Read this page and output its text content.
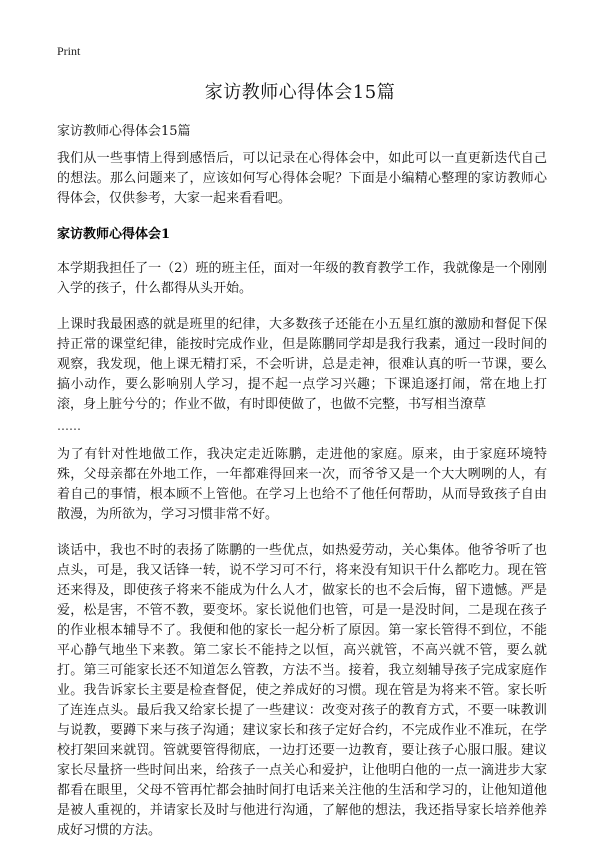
Print
家访教师心得体会15篇
家访教师心得体会15篇

我们从一些事情上得到感悟后，可以记录在心得体会中，如此可以一直更新迭代自己的想法。那么问题来了，应该如何写心得体会呢？下面是小编精心整理的家访教师心得体会，仅供参考，大家一起来看看吧。

家访教师心得体会1

本学期我担任了一（2）班的班主任，面对一年级的教育教学工作，我就像是一个刚刚入学的孩子，什么都得从头开始。

上课时我最困惑的就是班里的纪律，大多数孩子还能在小五星红旗的激励和督促下保持正常的课堂纪律，能按时完成作业，但是陈鹏同学却是我行我素，通过一段时间的观察，我发现，他上课无精打采，不会听讲，总是走神，很难认真的听一节课，要么搞小动作，要么影响别人学习，提不起一点学习兴趣；下课追逐打闹，常在地上打滚，身上脏兮兮的；作业不做，有时即使做了，也做不完整，书写相当潦草

……

为了有针对性地做工作，我决定走近陈鹏，走进他的家庭。原来，由于家庭环境特殊，父母亲都在外地工作，一年都难得回来一次，而爷爷又是一个大大咧咧的人，有着自己的事情，根本顾不上管他。在学习上也给不了他任何帮助，从而导致孩子自由散漫，为所欲为，学习习惯非常不好。

谈话中，我也不时的表扬了陈鹏的一些优点，如热爱劳动，关心集体。他爷爷听了也点头，可是，我又话锋一转，说不学习可不行，将来没有知识干什么都吃力。现在管还来得及，即使孩子将来不能成为什么人才，做家长的也不会后悔，留下遗憾。严是爱，松是害，不管不教，要变坏。家长说他们也管，可是一是没时间，二是现在孩子的作业根本辅导不了。我便和他的家长一起分析了原因。第一家长管得不到位，不能平心静气地坐下来教。第二家长不能持之以恒，高兴就管，不高兴就不管，要么就打。第三可能家长还不知道怎么管教，方法不当。接着，我立刻辅导孩子完成家庭作业。我告诉家长主要是检查督促，使之养成好的习惯。现在管是为将来不管。家长听了连连点头。最后我又给家长提了一些建议：改变对孩子的教育方式，不要一味教训与说教，要蹲下来与孩子沟通；建议家长和孩子定好合约，不完成作业不准玩，在学校打架回来就罚。管就要管得彻底，一边打还要一边教育，要让孩子心服口服。建议家长尽量挤一些时间出来，给孩子一点关心和爱护，让他明白他的一点一滴进步大家都看在眼里，父母不管再忙都会抽时间打电话来关注他的生活和学习的，让他知道他是被人重视的，并请家长及时与他进行沟通，了解他的想法，我还指导家长培养他养成好习惯的方法。
